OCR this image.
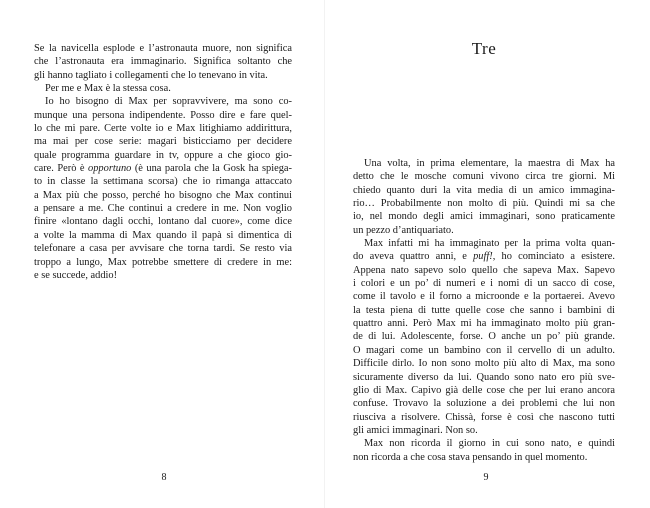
Se la navicella esplode e l’astronauta muore, non significa
che l’astronauta era immaginario. Significa soltanto che
gli hanno tagliato i collegamenti che lo tenevano in vita.
Per me e Max è la stessa cosa.
Io ho bisogno di Max per sopravvivere, ma sono co-
munque una persona indipendente. Posso dire e fare quel-
lo che mi pare. Certe volte io e Max litighiamo addirittura,
ma mai per cose serie: magari bisticciamo per decidere
quale programma guardare in tv, oppure a che gioco gio-
care. Però è opportuno (è una parola che la Gosk ha spiega-
to in classe la settimana scorsa) che io rimanga attaccato
a Max più che posso, perché ho bisogno che Max continui
a pensare a me. Che continui a credere in me. Non voglio
finire «lontano dagli occhi, lontano dal cuore», come dice
a volte la mamma di Max quando il papà si dimentica di
telefonare a casa per avvisare che torna tardi. Se resto via
troppo a lungo, Max potrebbe smettere di credere in me:
e se succede, addio!
8
Tre
Una volta, in prima elementare, la maestra di Max ha
detto che le mosche comuni vivono circa tre giorni. Mi
chiedo quanto duri la vita media di un amico immagina-
rio… Probabilmente non molto di più. Quindi mi sa che
io, nel mondo degli amici immaginari, sono praticamente
un pezzo d’antiquariato.
Max infatti mi ha immaginato per la prima volta quan-
do aveva quattro anni, e puff!, ho cominciato a esistere.
Appena nato sapevo solo quello che sapeva Max. Sapevo
i colori e un po’ di numeri e i nomi di un sacco di cose,
come il tavolo e il forno a microonde e la portaerei. Avevo
la testa piena di tutte quelle cose che sanno i bambini di
quattro anni. Però Max mi ha immaginato molto più gran-
de di lui. Adolescente, forse. O anche un po’ più grande.
O magari come un bambino con il cervello di un adulto.
Difficile dirlo. Io non sono molto più alto di Max, ma sono
sicuramente diverso da lui. Quando sono nato ero più sve-
glio di Max. Capivo già delle cose che per lui erano ancora
confuse. Trovavo la soluzione a dei problemi che lui non
riusciva a risolvere. Chissà, forse è così che nascono tutti
gli amici immaginari. Non so.
Max non ricorda il giorno in cui sono nato, e quindi
non ricorda a che cosa stava pensando in quel momento.
9
